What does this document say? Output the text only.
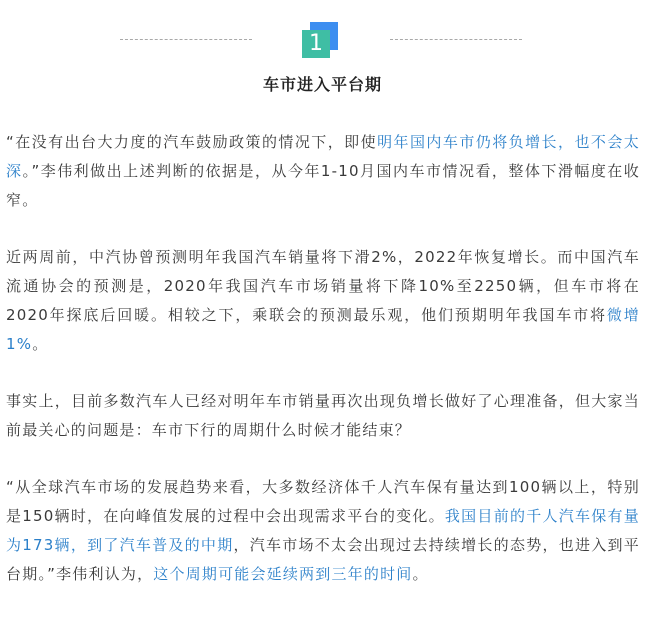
1
车市进入平台期

“在没有出台大力度的汽车鼓励政策的情况下，即使明年国内车市仍将负增长，也不会太深。”李伟利做出上述判断的依据是，从今年1-10月国内车市情况看，整体下滑幅度在收窄。

近两周前，中汽协曾预测明年我国汽车销量将下滑2%，2022年恢复增长。而中国汽车流通协会的预测是，2020年我国汽车市场销量将下降10%至2250辆，但车市将在2020年探底后回暖。相较之下，乘联会的预测最乐观，他们预期明年我国车市将微增1%。

事实上，目前多数汽车人已经对明年车市销量再次出现负增长做好了心理准备，但大家当前最关心的问题是：车市下行的周期什么时候才能结束？

“从全球汽车市场的发展趋势来看，大多数经济体千人汽车保有量达到100辆以上，特别是150辆时，在向峰值发展的过程中会出现需求平台的变化。我国目前的千人汽车保有量为173辆，到了汽车普及的中期，汽车市场不太会出现过去持续增长的态势，也进入到平台期。”李伟利认为，这个周期可能会延续两到三年的时间。
